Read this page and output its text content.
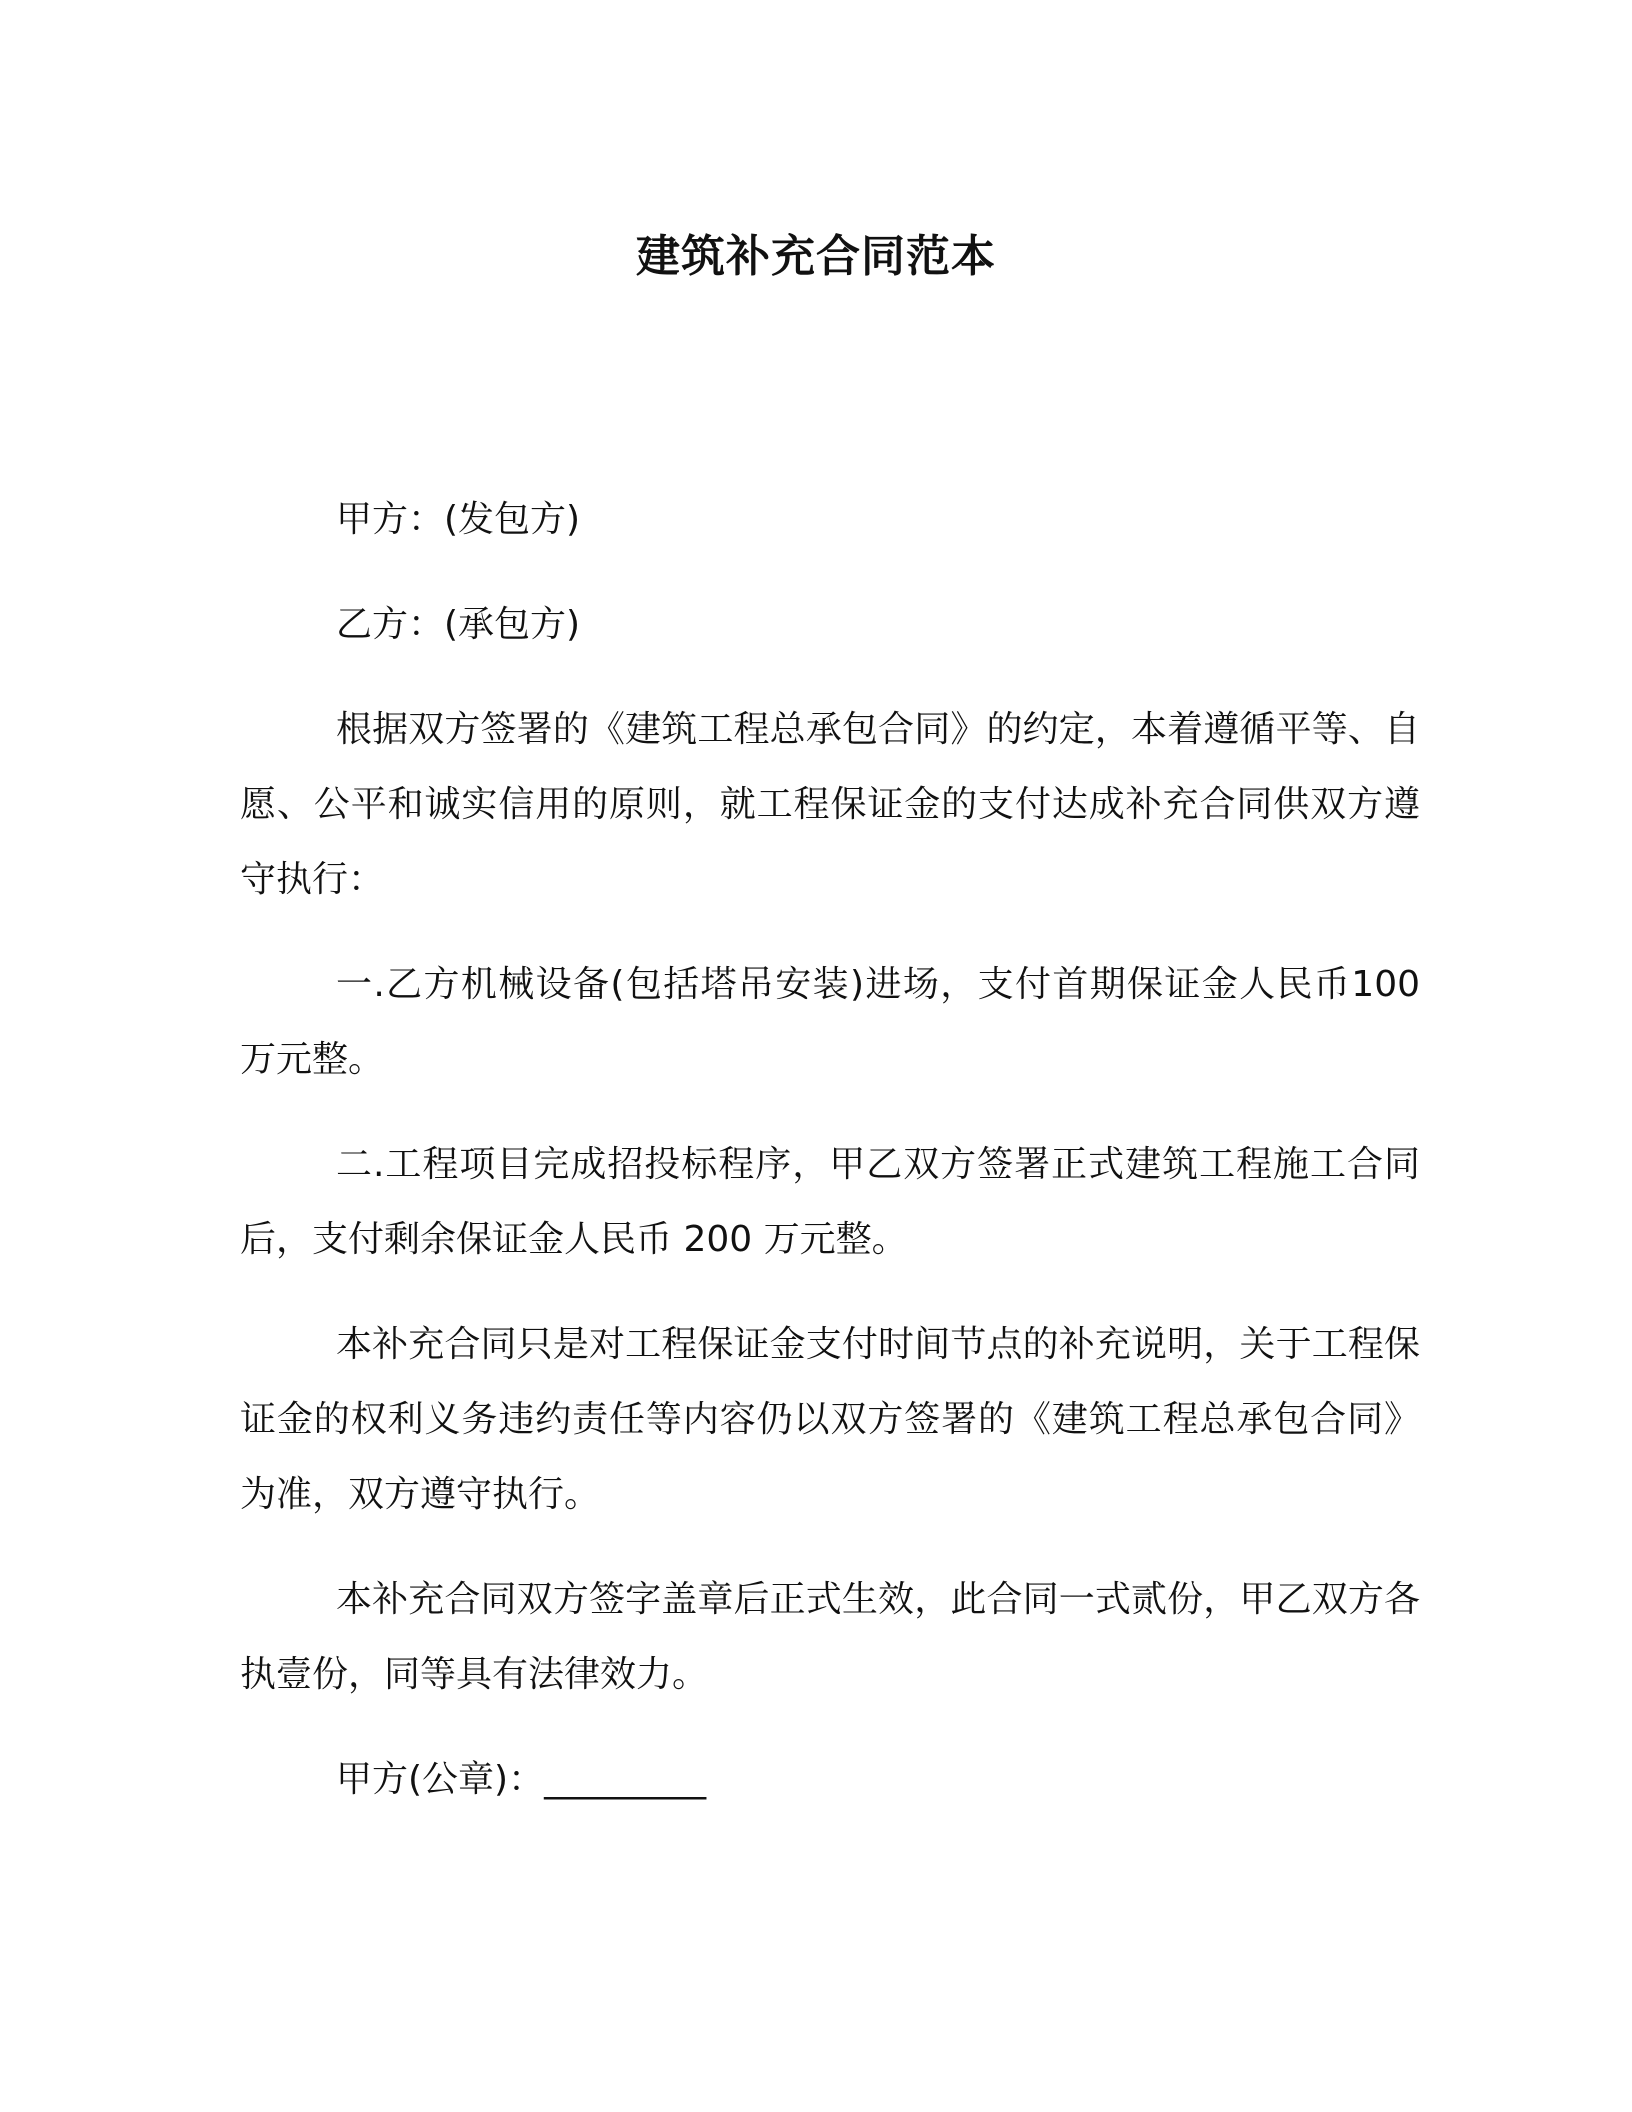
建筑补充合同范本

甲方：(发包方)

乙方：(承包方)

根据双方签署的《建筑工程总承包合同》的约定，本着遵循平等、自愿、公平和诚实信用的原则，就工程保证金的支付达成补充合同供双方遵守执行：

一.乙方机械设备(包括塔吊安装)进场，支付首期保证金人民币100 万元整。

二.工程项目完成招投标程序，甲乙双方签署正式建筑工程施工合同后，支付剩余保证金人民币 200 万元整。

本补充合同只是对工程保证金支付时间节点的补充说明，关于工程保证金的权利义务违约责任等内容仍以双方签署的《建筑工程总承包合同》为准，双方遵守执行。

本补充合同双方签字盖章后正式生效，此合同一式贰份，甲乙双方各执壹份，同等具有法律效力。

甲方(公章)：_________
